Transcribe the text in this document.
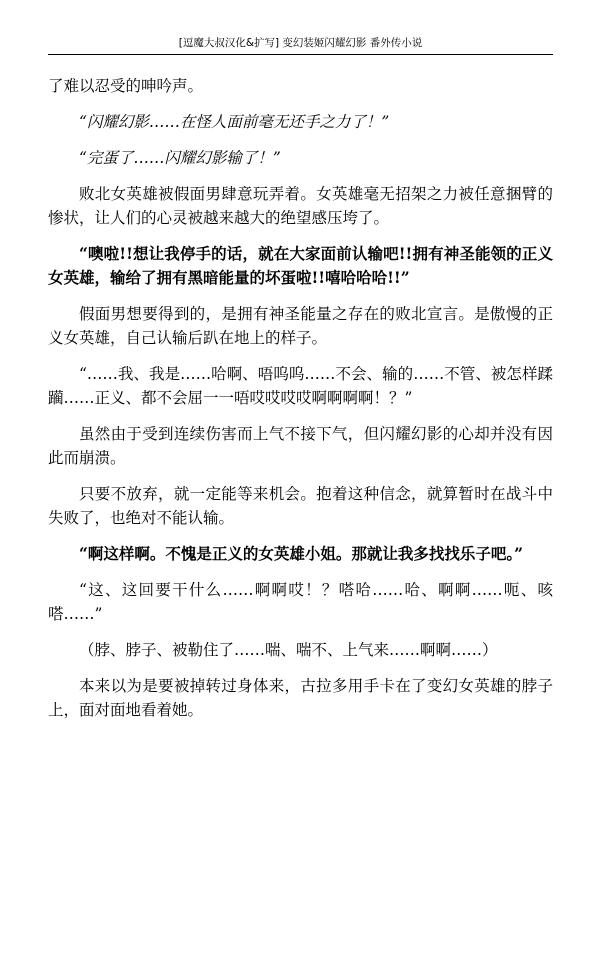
[逗魔大叔汉化&扩写] 变幻装姬闪耀幻影 番外传小说

了难以忍受的呻吟声。

“闪耀幻影……在怪人面前毫无还手之力了！”

“完蛋了……闪耀幻影输了！”

败北女英雄被假面男肆意玩弄着。女英雄毫无招架之力被任意捆臂的惨状，让人们的心灵被越来越大的绝望感压垮了。

“噢啦!!想让我停手的话，就在大家面前认输吧!!拥有神圣能领的正义女英雄，输给了拥有黑暗能量的坏蛋啦!!嘻哈哈哈!!”

假面男想要得到的，是拥有神圣能量之存在的败北宣言。是傲慢的正义女英雄，自己认输后趴在地上的样子。

“……我、我是……哈啊、唔呜呜……不会、输的……不管、被怎样蹂躏……正义、都不会屈一一唔哎哎哎哎啊啊啊啊！？”

虽然由于受到连续伤害而上气不接下气，但闪耀幻影的心却并没有因此而崩溃。

只要不放弃，就一定能等来机会。抱着这种信念，就算暂时在战斗中失败了，也绝对不能认输。

“啊这样啊。不愧是正义的女英雄小姐。那就让我多找找乐子吧。”

“这、这回要干什么……啊啊哎！？嗒哈……哈、啊啊……呃、咳嗒……”

（脖、脖子、被勒住了……喘、喘不、上气来……啊啊……）

本来以为是要被掉转过身体来，古拉多用手卡在了变幻女英雄的脖子上，面对面地看着她。
